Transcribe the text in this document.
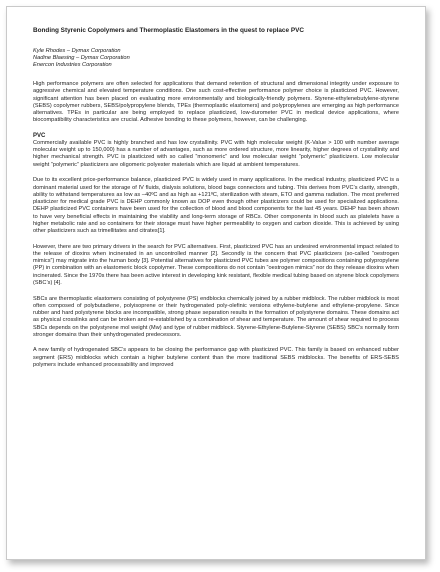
Bonding Styrenic Copolymers and Thermoplastic Elastomers in the quest to replace PVC
Kyle Rhodes – Dymax Corporation
Nadine Blaesing – Dymax Corporation
Enercon Industries Corporation

High performance polymers are often selected for applications that demand retention of structural and dimensional integrity under exposure to aggressive chemical and elevated temperature conditions. One such cost-effective performance polymer choice is plasticized PVC. However, significant attention has been placed on evaluating more environmentally and biologically-friendly polymers. Styrene-ethylenebutylene-styrene (SEBS) copolymer rubbers, SEBS/polypropylene blends, TPEs (thermoplastic elastomers) and polypropylenes are emerging as high performance alternatives. TPEs in particular are being employed to replace plasticized, low-durometer PVC in medical device applications, where biocompatibility characteristics are crucial. Adhesive bonding to these polymers, however, can be challenging.

PVC

Commercially available PVC is highly branched and has low crystallinity. PVC with high molecular weight (K-Value > 100 with number average molecular weight up to 150,000) has a number of advantages, such as more ordered structure, more linearity, higher degrees of crystallinity and higher mechanical strength. PVC is plasticized with so called “monomeric” and low molecular weight “polymeric” plasticizers. Low molecular weight “polymeric” plasticizers are oligomeric polyester materials which are liquid at ambient temperatures.

Due to its excellent price-performance balance, plasticized PVC is widely used in many applications. In the medical industry, plasticized PVC is a dominant material used for the storage of IV fluids, dialysis solutions, blood bags connectors and tubing. This derives from PVC’s clarity, strength, ability to withstand temperatures as low as –40ºC and as high as +121ºC, sterilization with steam, ETO and gamma radiation. The most preferred plasticizer for medical grade PVC is DEHP commonly known as DOP even though other plasticizers could be used for specialized applications. DEHP plasticized PVC containers have been used for the collection of blood and blood components for the last 45 years. DEHP has been shown to have very beneficial effects in maintaining the viability and long-term storage of RBCs. Other components in blood such as platelets have a higher metabolic rate and so containers for their storage must have higher permeability to oxygen and carbon dioxide. This is achieved by using other plasticizers such as trimellitates and citrates[1].

However, there are two primary drivers in the search for PVC alternatives. First, plasticized PVC has an undesired environmental impact related to the release of dioxins when incinerated in an uncontrolled manner [2]. Secondly is the concern that PVC plasticizers (so-called “oestrogen mimics”) may migrate into the human body [3]. Potential alternatives for plasticized PVC tubes are polymer compositions containing polypropylene (PP) in combination with an elastomeric block copolymer. These compositions do not contain “oestrogen mimics” nor do they release dioxins when incinerated. Since the 1970s there has been active interest in developing kink resistant, flexible medical tubing based on styrene block copolymers (SBC’s) [4].

SBCs are thermoplastic elastomers consisting of polystyrene (PS) endblocks chemically joined by a rubber midblock. The rubber midblock is most often composed of polybutadiene, polyisoprene or their hydrogenated poly-olefinic versions ethylene-butylene and ethylene-propylene. Since rubber and hard polystyrene blocks are incompatible, strong phase separation results in the formation of polystyrene domains. These domains act as physical crosslinks and can be broken and re-established by a combination of shear and temperature. The amount of shear required to process SBCs depends on the polystyrene mol weight (Mw) and type of rubber midblock. Styrene-Ethylene-Butylene-Styrene (SEBS) SBC’s normally form stronger domains than their unhydrogenated predecessors.

A new family of hydrogenated SBC’s appears to be closing the performance gap with plasticized PVC. This family is based on enhanced rubber segment (ERS) midblocks which contain a higher butylene content than the more traditional SEBS midblocks. The benefits of ERS-SEBS polymers include enhanced processability and improved
